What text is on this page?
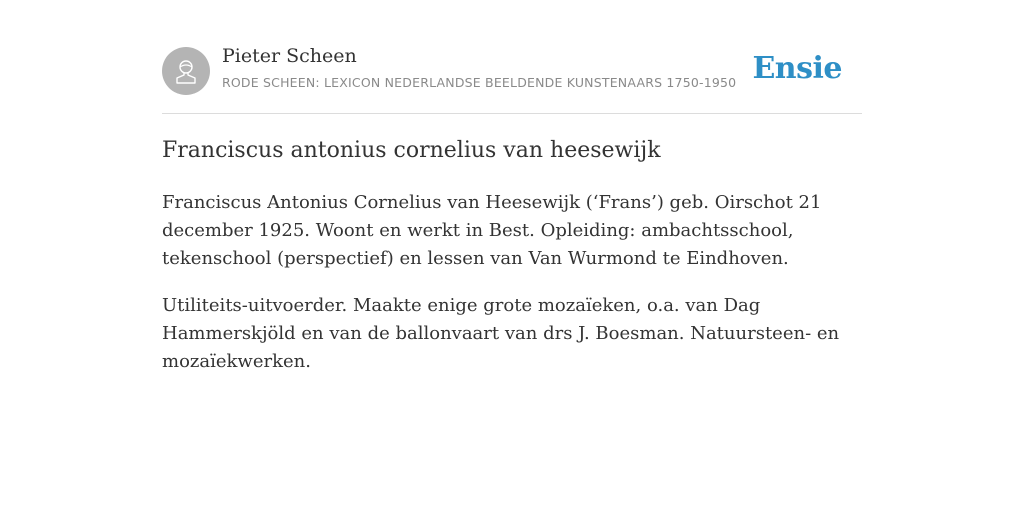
Pieter Scheen
RODE SCHEEN: LEXICON NEDERLANDSE BEELDENDE KUNSTENAARS 1750-1950 Ensie
Franciscus antonius cornelius van heesewijk

Franciscus Antonius Cornelius van Heesewijk (‘Frans’) geb. Oirschot 21 december 1925. Woont en werkt in Best. Opleiding: ambachtsschool, tekenschool (perspectief) en lessen van Van Wurmond te Eindhoven.

Utiliteits-uitvoerder. Maakte enige grote mozaïeken, o.a. van Dag Hammerskjöld en van de ballonvaart van drs J. Boesman. Natuursteen- en mozaïekwerken.
